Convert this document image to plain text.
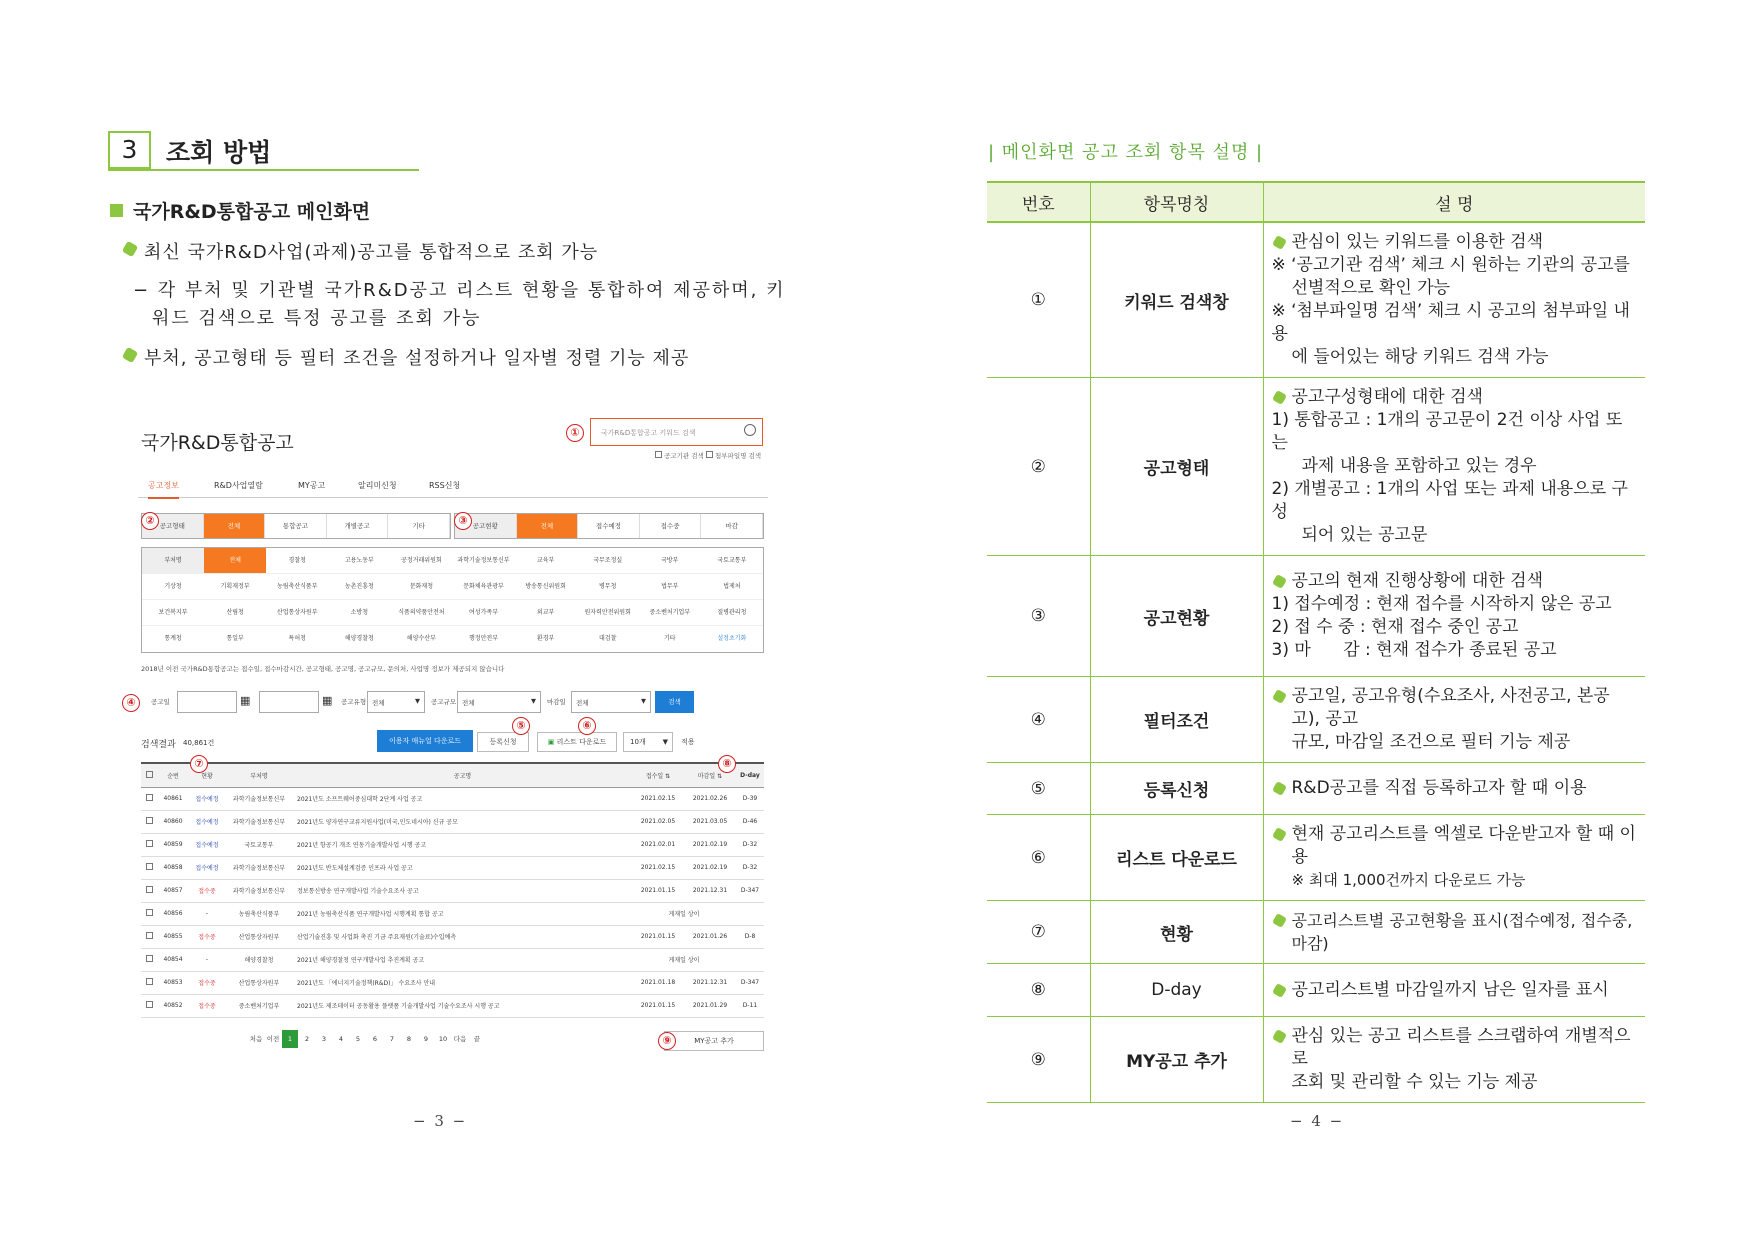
3	조회 방법
국가R&D통합공고 메인화면
최신 국가R&D사업(과제)공고를 통합적으로 조회 가능
− 각 부처 및 기관별 국가R&D공고 리스트 현황을 통합하여 제공하며, 키
워드 검색으로 특정 공고를 조회 가능
부처, 공고형태 등 필터 조건을 설정하거나 일자별 정렬 기능 제공
국가R&D통합공고	국가R&D통합공고 키워드 검색
공고기관 검색 첨부파일명 검색
공고정보	R&D사업열람	MY공고	알리미신청	RSS신청
공고형태	전체	통합공고	개별공고	기타	공고현황	전체	접수예정	접수중	마감
부처명	전체	경찰청	고용노동부	공정거래위원회	과학기술정보통신부	교육부	국무조정실	국방부	국토교통부
기상청	기획재정부	농림축산식품부	농촌진흥청	문화재청	문화체육관광부	방송통신위원회	병무청	법무부	법제처
보건복지부	산림청	산업통상자원부	소방청	식품의약품안전처	여성가족부	외교부	원자력안전위원회	중소벤처기업부	질병관리청
통계청	통일부	특허청	해양경찰청	해양수산부	행정안전부	환경부	대검찰	기타	설정초기화
2018년 이전 국가R&D통합공고는 접수일, 접수마감시간, 공고형태, 공고명, 공고규모, 문의처, 사업명 정보가 제공되지 않습니다
공고일	▦	▦ 공고유형 전체	▼ 공고규모 전체	▼ 마감일	전체	▼	검색
검색결과 40,861건	이용자 매뉴얼 다운로드	등록신청	▣ 리스트 다운로드	10개 ▼ 적용
	순번	현황	부처명	공고명	접수일 ⇅	마감일 ⇅	D-day
	40861	접수예정	과학기술정보통신부	2021년도 소프트웨어중심대학 2단계 사업 공고	2021.02.15	2021.02.26	D-39
	40860	접수예정	과학기술정보통신부	2021년도 양자연구교류지원사업(미국,인도네시아) 신규 공모	2021.02.05	2021.03.05	D-46
	40859	접수예정	국토교통부	2021년 항공기 개조 연동기술개발사업 시행 공고	2021.02.01	2021.02.19	D-32
	40858	접수예정	과학기술정보통신부	2021년도 반도체설계검증 인프라 사업 공고	2021.02.15	2021.02.19	D-32
	40857	접수중	과학기술정보통신부	정보통신방송 연구개발사업 기술수요조사 공고	2021.01.15	2021.12.31	D-347
	40856	-	농림축산식품부	2021년 농림축산식품 연구개발사업 시행계획 통합 공고	게재일 상이		
	40855	접수중	산업통상자원부	산업기술진흥 및 사업화 촉진 기금 주요재원(기술료)수입예측	2021.01.15	2021.01.26	D-8
	40854	-	해양경찰청	2021년 해양경찰청 연구개발사업 추진계획 공고	게재일 상이		
	40853	접수중	산업통상자원부	2021년도 「에너지기술정책(R&D)」 수요조사 안내	2021.01.18	2021.12.31	D-347
	40852	접수중	중소벤처기업부	2021년도 제조데이터 공동활용 플랫폼 기술개발사업 기술수요조사 시행 공고	2021.01.15	2021.01.29	D-11
처음 이전	1	2	3	4	5	6	7	8	9	10	다음	끝	MY공고 추가
①
②	③
④
⑤	⑥
⑦	⑧
⑨
− 3 −
| 메인화면 공고 조회 항목 설명 |
번호	항목명칭	설 명
①	키워드 검색창	관심이 있는 키워드를 이용한 검색
※ ‘공고기관 검색’ 체크 시 원하는 기관의 공고를
선별적으로 확인 가능
※ ‘첨부파일명 검색’ 체크 시 공고의 첨부파일 내용
에 들어있는 해당 키워드 검색 가능

②	공고형태	공고구성형태에 대한 검색
1) 통합공고 : 1개의 공고문이 2건 이상 사업 또는
과제 내용을 포함하고 있는 경우
2) 개별공고 : 1개의 사업 또는 과제 내용으로 구성
되어 있는 공고문

③	공고현황	공고의 현재 진행상황에 대한 검색
1) 접수예정 : 현재 접수를 시작하지 않은 공고
2) 접 수 중 : 현재 접수 중인 공고
3) 마      감 : 현재 접수가 종료된 공고

④	필터조건	공고일, 공고유형(수요조사, 사전공고, 본공고), 공고
규모, 마감일 조건으로 필터 기능 제공

⑤	등록신청	R&D공고를 직접 등록하고자 할 때 이용

⑥	리스트 다운로드	현재 공고리스트를 엑셀로 다운받고자 할 때 이용
※ 최대 1,000건까지 다운로드 가능

⑦	현황	공고리스트별 공고현황을 표시(접수예정, 접수중, 마감)

⑧	D-day	공고리스트별 마감일까지 남은 일자를 표시

⑨	MY공고 추가	관심 있는 공고 리스트를 스크랩하여 개별적으로
조회 및 관리할 수 있는 기능 제공
− 4 −
